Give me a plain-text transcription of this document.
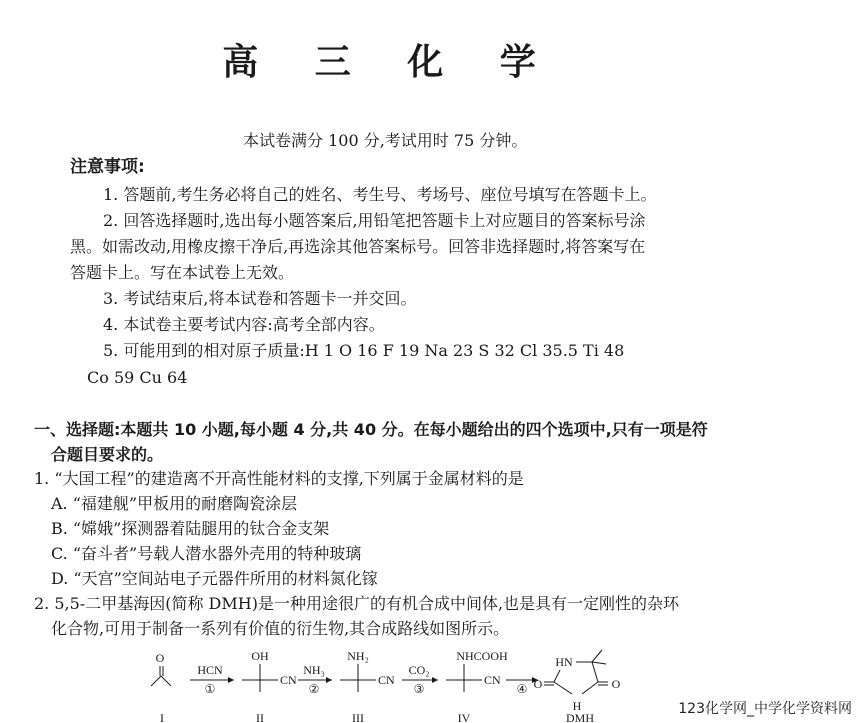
高 三 化 学
本试卷满分 100 分,考试用时 75 分钟。
注意事项:
1. 答题前,考生务必将自己的姓名、考生号、考场号、座位号填写在答题卡上。
2. 回答选择题时,选出每小题答案后,用铅笔把答题卡上对应题目的答案标号涂
黑。如需改动,用橡皮擦干净后,再选涂其他答案标号。回答非选择题时,将答案写在
答题卡上。写在本试卷上无效。
3. 考试结束后,将本试卷和答题卡一并交回。
4. 本试卷主要考试内容:高考全部内容。
5. 可能用到的相对原子质量:H 1 O 16 F 19 Na 23 S 32 Cl 35.5 Ti 48
Co 59 Cu 64
一、选择题:本题共 10 小题,每小题 4 分,共 40 分。在每小题给出的四个选项中,只有一项是符
合题目要求的。
1. “大国工程”的建造离不开高性能材料的支撑,下列属于金属材料的是
A. “福建舰”甲板用的耐磨陶瓷涂层
B. “嫦娥”探测器着陆腿用的钛合金支架
C. “奋斗者”号载人潜水器外壳用的特种玻璃
D. “天宫”空间站电子元器件所用的材料氮化镓
2. 5,5-二甲基海因(简称 DMH)是一种用途很广的有机合成中间体,也是具有一定刚性的杂环
化合物,可用于制备一系列有价值的衍生物,其合成路线如图所示。
O
HCN
①
OH
CN
NH₃
②
NH₂
CN
CO₂
③
NHCOOH
CN
④
HN
O	O
H
I	II	III	IV	DMH
123化学网_中学化学资料网
